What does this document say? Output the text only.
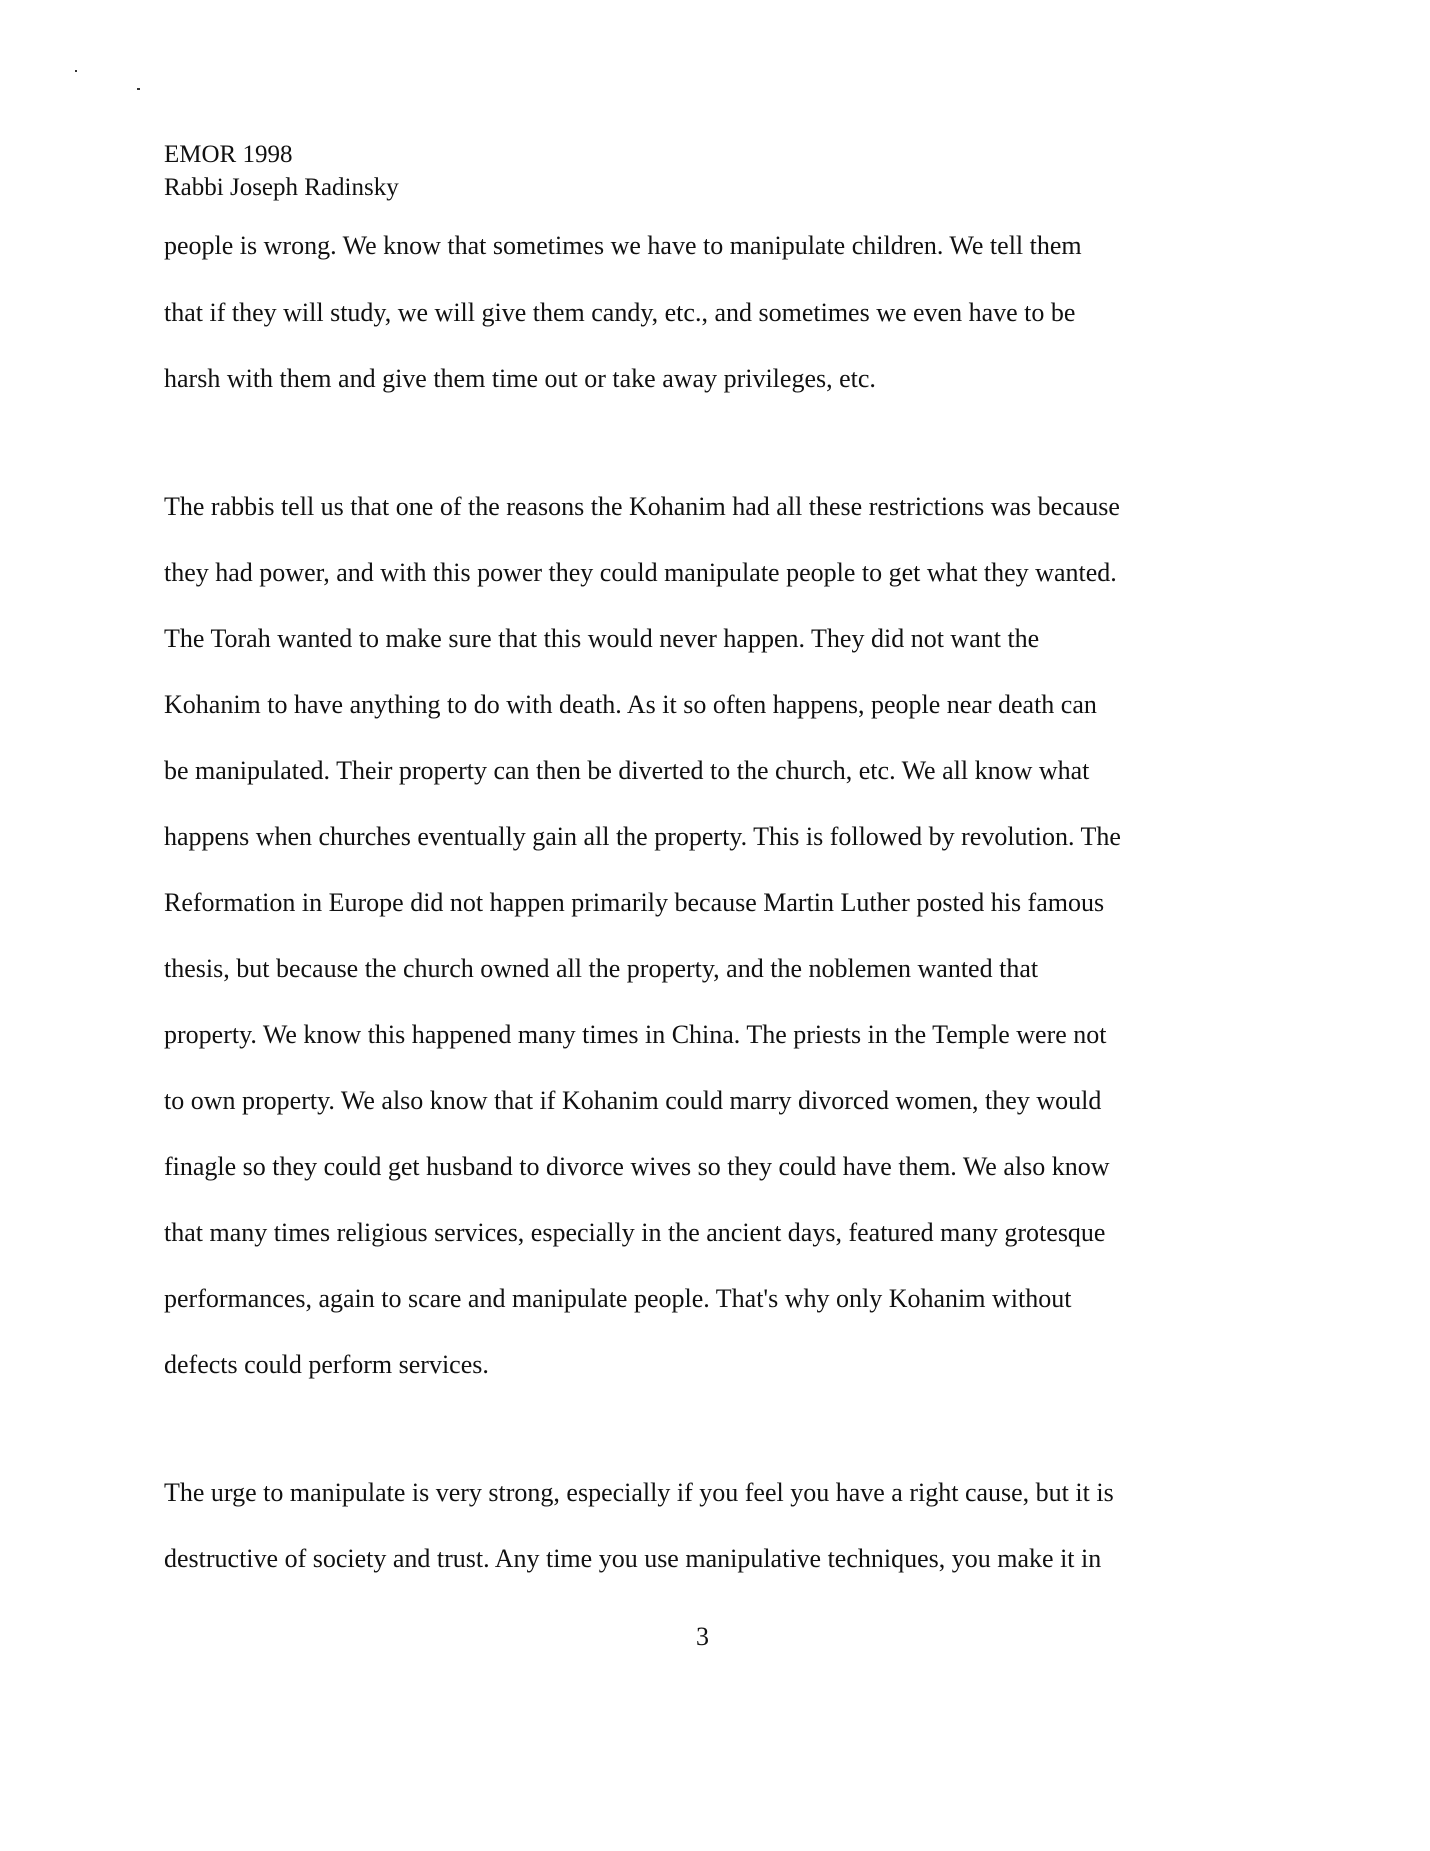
EMOR 1998
Rabbi Joseph Radinsky
people is wrong. We know that sometimes we have to manipulate children. We tell them
that if they will study, we will give them candy, etc., and sometimes we even have to be
harsh with them and give them time out or take away privileges, etc.
The rabbis tell us that one of the reasons the Kohanim had all these restrictions was because
they had power, and with this power they could manipulate people to get what they wanted.
The Torah wanted to make sure that this would never happen. They did not want the
Kohanim to have anything to do with death. As it so often happens, people near death can
be manipulated. Their property can then be diverted to the church, etc. We all know what
happens when churches eventually gain all the property. This is followed by revolution. The
Reformation in Europe did not happen primarily because Martin Luther posted his famous
thesis, but because the church owned all the property, and the noblemen wanted that
property. We know this happened many times in China. The priests in the Temple were not
to own property. We also know that if Kohanim could marry divorced women, they would
finagle so they could get husband to divorce wives so they could have them. We also know
that many times religious services, especially in the ancient days, featured many grotesque
performances, again to scare and manipulate people. That's why only Kohanim without
defects could perform services.
The urge to manipulate is very strong, especially if you feel you have a right cause, but it is
destructive of society and trust. Any time you use manipulative techniques, you make it in
3
